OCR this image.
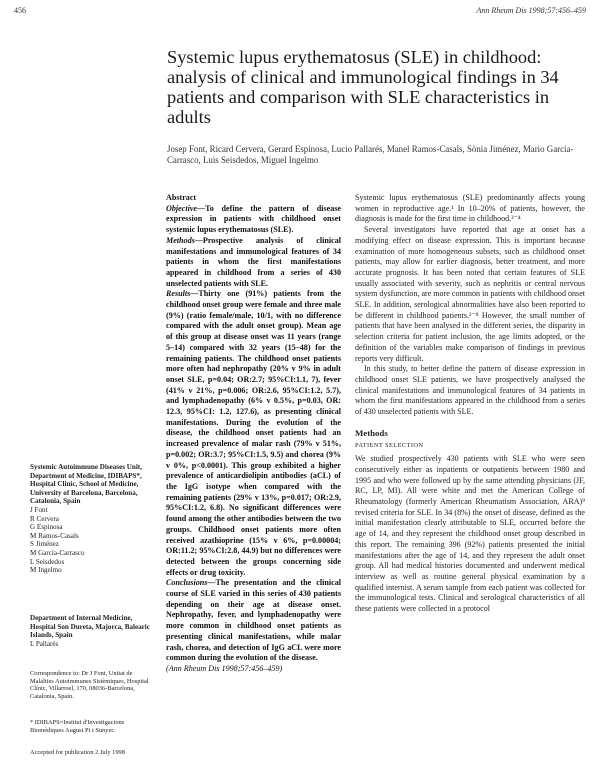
456	Ann Rheum Dis 1998;57:456–459
Systemic lupus erythematosus (SLE) in childhood: analysis of clinical and immunological findings in 34 patients and comparison with SLE characteristics in adults
Josep Font, Ricard Cervera, Gerard Espinosa, Lucio Pallarés, Manel Ramos-Casals, Sònia Jiménez, Mario García-Carrasco, Luis Seisdedos, Miguel Ingelmo
Systemic Autoimmune Diseases Unit, Department of Medicine, IDIBAPS*, Hospital Clinic, School of Medicine, University of Barcelona, Barcelona, Catalonia, Spain
J Font
R Cervera
G Espinosa
M Ramos-Casals
S Jiménez
M García-Carrasco
L Seisdedos
M Ingelmo
Department of Internal Medicine, Hospital Son Dureta, Majorca, Balearic Islands, Spain
L Pallarés
Correspondence to: Dr J Font, Unitat de Malalties Autoimmunes Sistèmiques, Hospital Clínic, Villarroel, 170, 08036-Barcelona, Catalonia, Spain.
* IDIBAPS=Institut d'Investigacions Biomèdiques August Pi i Sunyer.
Accepted for publication 2 July 1998
Abstract
Objective—To define the pattern of disease expression in patients with childhood onset systemic lupus erythematosus (SLE).
Methods—Prospective analysis of clinical manifestations and immunological features of 34 patients in whom the first manifestations appeared in childhood from a series of 430 unselected patients with SLE.
Results—Thirty one (91%) patients from the childhood onset group were female and three male (9%) (ratio female/male, 10/1, with no difference compared with the adult onset group). Mean age of this group at disease onset was 11 years (range 5–14) compared with 32 years (15–48) for the remaining patients. The childhood onset patients more often had nephropathy (20% v 9% in adult onset SLE, p=0.04; OR:2.7; 95%CI:1.1, 7), fever (41% v 21%, p=0.006; OR:2.6, 95%CI:1.2, 5.7), and lymphadenopathy (6% v 0.5%, p=0.03, OR: 12.3, 95%CI: 1.2, 127.6), as presenting clinical manifestations. During the evolution of the disease, the childhood onset patients had an increased prevalence of malar rash (79% v 51%, p=0.002; OR:3.7; 95%CI:1.5, 9.5) and chorea (9% v 0%, p<0.0001). This group exhibited a higher prevalence of anticardiolipin antibodies (aCL) of the IgG isotype when compared with the remaining patients (29% v 13%, p=0.017; OR:2.9, 95%CI:1.2, 6.8). No significant differences were found among the other antibodies between the two groups. Childhood onset patients more often received azathioprine (15% v 6%, p=0.00004; OR:11.2; 95%CI:2.8, 44.9) but no differences were detected between the groups concerning side effects or drug toxicity.
Conclusions—The presentation and the clinical course of SLE varied in this series of 430 patients depending on their age at disease onset. Nephropathy, fever, and lymphadenopathy were more common in childhood onset patients as presenting clinical manifestations, while malar rash, chorea, and detection of IgG aCL were more common during the evolution of the disease.
(Ann Rheum Dis 1998;57:456–459)

Systemic lupus erythematosus (SLE) predominantly affects young women in reproductive age.¹ In 10–20% of patients, however, the diagnosis is made for the first time in childhood.²⁻⁴

Several investigators have reported that age at onset has a modifying effect on disease expression. This is important because examination of more homogeneous subsets, such as childhood onset patients, may allow for earlier diagnosis, better treatment, and more accurate prognosis. It has been noted that certain features of SLE usually associated with severity, such as nephritis or central nervous system dysfunction, are more common in patients with childhood onset SLE. In addition, serological abnormalities have also been reported to be different in childhood patients.²⁻⁸ However, the small number of patients that have been analysed in the different series, the disparity in selection criteria for patient inclusion, the age limits adopted, or the definition of the variables make comparison of findings in previous reports very difficult.

In this study, to better define the pattern of disease expression in childhood onset SLE patients, we have prospectively analysed the clinical manifestations and immunological features of 34 patients in whom the first manifestations appeared in the childhood from a series of 430 unselected patients with SLE.

Methods
PATIENT SELECTION

We studied prospectively 430 patients with SLE who were seen consecutively either as inpatients or outpatients between 1980 and 1995 and who were followed up by the same attending physicians (JF, RC, LP, MI). All were white and met the American College of Rheumatology (formerly American Rheumatism Association, ARA)⁹ revised criteria for SLE. In 34 (8%) the onset of disease, defined as the initial manifestation clearly attributable to SLE, occurred before the age of 14, and they represent the childhood onset group described in this report. The remaining 396 (92%) patients presented the initial manifestations after the age of 14, and they represent the adult onset group. All had medical histories documented and underwent medical interview as well as routine general physical examination by a qualified internist. A serum sample from each patient was collected for the immunological tests. Clinical and serological characteristics of all these patients were collected in a protocol
